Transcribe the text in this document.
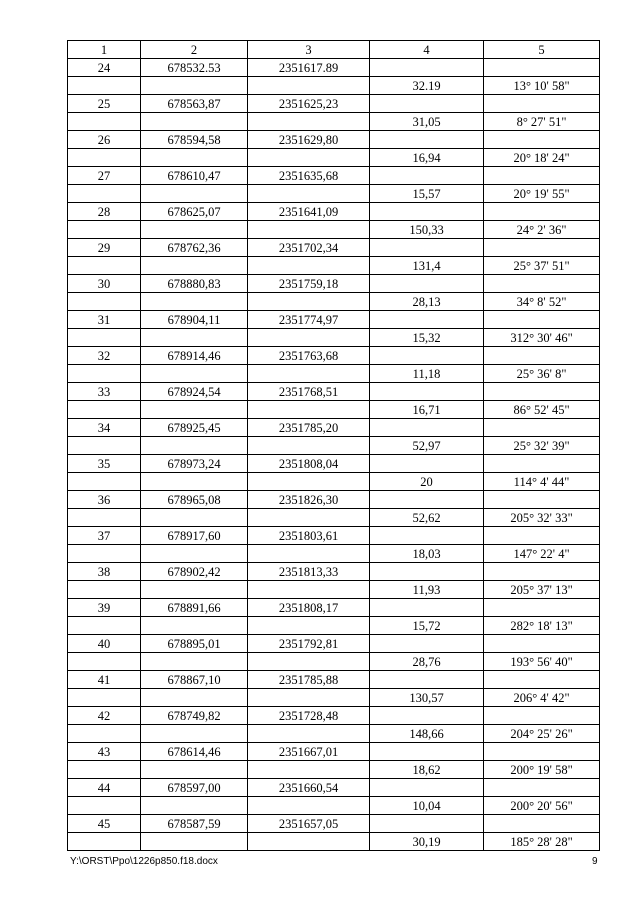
1	2	3	4	5
24	678532.53	2351617.89		
			32.19	13° 10' 58"
25	678563,87	2351625,23		
			31,05	8° 27' 51"
26	678594,58	2351629,80		
			16,94	20° 18' 24"
27	678610,47	2351635,68		
			15,57	20° 19' 55"
28	678625,07	2351641,09		
			150,33	24° 2' 36"
29	678762,36	2351702,34		
			131,4	25° 37' 51"
30	678880,83	2351759,18		
			28,13	34° 8' 52"
31	678904,11	2351774,97		
			15,32	312° 30' 46"
32	678914,46	2351763,68		
			11,18	25° 36' 8"
33	678924,54	2351768,51		
			16,71	86° 52' 45"
34	678925,45	2351785,20		
			52,97	25° 32' 39"
35	678973,24	2351808,04		
			20	114° 4' 44"
36	678965,08	2351826,30		
			52,62	205° 32' 33"
37	678917,60	2351803,61		
			18,03	147° 22' 4"
38	678902,42	2351813,33		
			11,93	205° 37' 13"
39	678891,66	2351808,17		
			15,72	282° 18' 13"
40	678895,01	2351792,81		
			28,76	193° 56' 40"
41	678867,10	2351785,88		
			130,57	206° 4' 42"
42	678749,82	2351728,48		
			148,66	204° 25' 26"
43	678614,46	2351667,01		
			18,62	200° 19' 58"
44	678597,00	2351660,54		
			10,04	200° 20' 56"
45	678587,59	2351657,05		
			30,19	185° 28' 28"
Y:\ORST\Ppo\1226p850.f18.docx	9
